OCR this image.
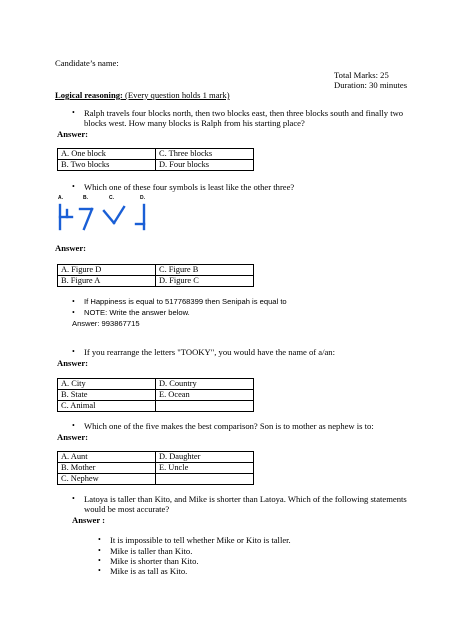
Candidate’s name:
Total Marks: 25
Duration: 30 minutes
Logical reasoning: (Every question holds 1 mark)
• Ralph travels four blocks north, then two blocks east, then three blocks south and finally two
blocks west. How many blocks is Ralph from his starting place?
Answer:
A. One block	C. Three blocks
B. Two blocks	D. Four blocks
• Which one of these four symbols is least like the other three?
A.	B.	C.	D.
Answer:
A. Figure D	C. Figure B
B. Figure A	D. Figure C
• If Happiness is equal to 517768399 then Senipah is equal to
• NOTE: Write the answer below.
Answer: 993867715
• If you rearrange the letters "TOOKY", you would have the name of a/an:
Answer:
A. City	D. Country
B. State	E. Ocean
C. Animal	
• Which one of the five makes the best comparison? Son is to mother as nephew is to:
Answer:
A. Aunt	D. Daughter
B. Mother	E. Uncle
C. Nephew	
• Latoya is taller than Kito, and Mike is shorter than Latoya. Which of the following statements
would be most accurate?
Answer :
• It is impossible to tell whether Mike or Kito is taller.
• Mike is taller than Kito.
• Mike is shorter than Kito.
• Mike is as tall as Kito.
